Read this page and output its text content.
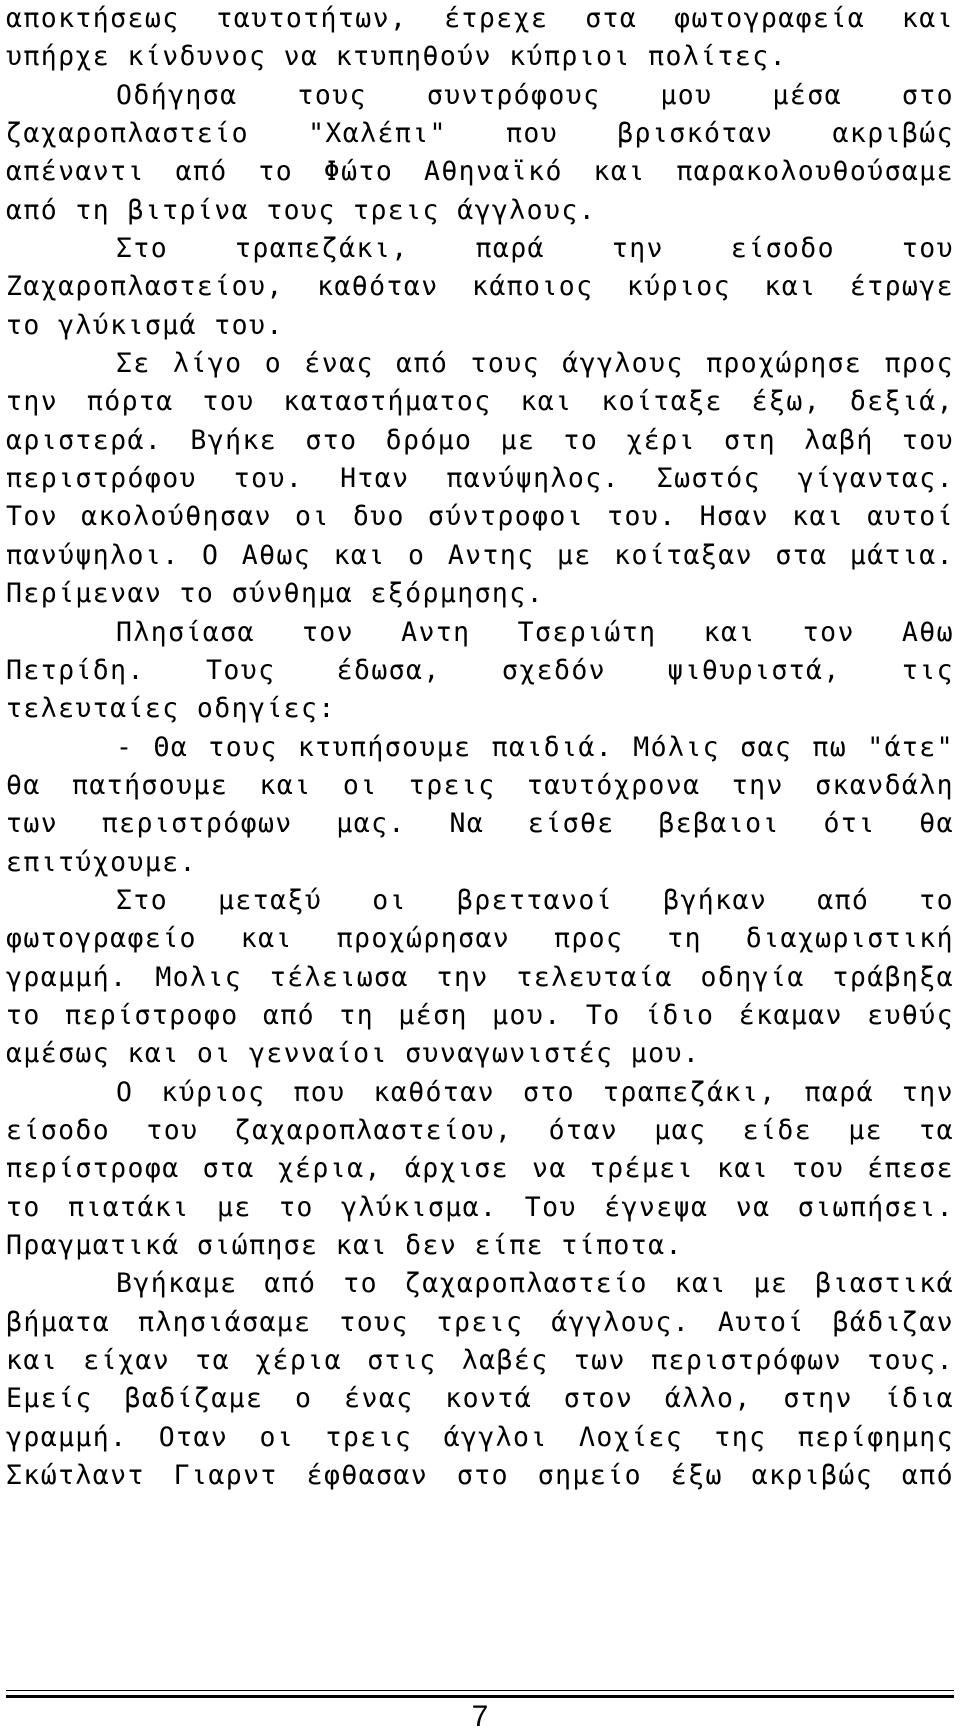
αποκτήσεως ταυτοτήτων, έτρεχε στα φωτογραφεία και
υπήρχε κίνδυνος να κτυπηθούν κύπριοι πολίτες.
Οδήγησα τους συντρόφους μου μέσα στο
ζαχαροπλαστείο "Χαλέπι" που βρισκόταν ακριβώς
απέναντι από το Φώτο Αθηναϊκό και παρακολουθούσαμε
από τη βιτρίνα τους τρεις άγγλους.
Στο τραπεζάκι, παρά την είσοδο του
Ζαχαροπλαστείου, καθόταν κάποιος κύριος και έτρωγε
το γλύκισμά του.
Σε λίγο ο ένας από τους άγγλους προχώρησε προς
την πόρτα του καταστήματος και κοίταξε έξω, δεξιά,
αριστερά. Βγήκε στο δρόμο με το χέρι στη λαβή του
περιστρόφου του. Ηταν πανύψηλος. Σωστός γίγαντας.
Τον ακολούθησαν οι δυο σύντροφοι του. Ησαν και αυτοί
πανύψηλοι. Ο Αθως και ο Αντης με κοίταξαν στα μάτια.
Περίμεναν το σύνθημα εξόρμησης.
Πλησίασα τον Αντη Τσεριώτη και τον Αθω
Πετρίδη. Τους έδωσα, σχεδόν ψιθυριστά, τις
τελευταίες οδηγίες:
- Θα τους κτυπήσουμε παιδιά. Μόλις σας πω "άτε"
θα πατήσουμε και οι τρεις ταυτόχρονα την σκανδάλη
των περιστρόφων μας. Να είσθε βεβαιοι ότι θα
επιτύχουμε.
Στο μεταξύ οι βρεττανοί βγήκαν από το
φωτογραφείο και προχώρησαν προς τη διαχωριστική
γραμμή. Μολις τέλειωσα την τελευταία οδηγία τράβηξα
το περίστροφο από τη μέση μου. Το ίδιο έκαμαν ευθύς
αμέσως και οι γενναίοι συναγωνιστές μου.
Ο κύριος που καθόταν στο τραπεζάκι, παρά την
είσοδο του ζαχαροπλαστείου, όταν μας είδε με τα
περίστροφα στα χέρια, άρχισε να τρέμει και του έπεσε
το πιατάκι με το γλύκισμα. Του έγνεψα να σιωπήσει.
Πραγματικά σιώπησε και δεν είπε τίποτα.
Βγήκαμε από το ζαχαροπλαστείο και με βιαστικά
βήματα πλησιάσαμε τους τρεις άγγλους. Αυτοί βάδιζαν
και είχαν τα χέρια στις λαβές των περιστρόφων τους.
Εμείς βαδίζαμε ο ένας κοντά στον άλλο, στην ίδια
γραμμή. Οταν οι τρεις άγγλοι Λοχίες της περίφημης
Σκώτλαντ Γιαρντ έφθασαν στο σημείο έξω ακριβώς από
7
